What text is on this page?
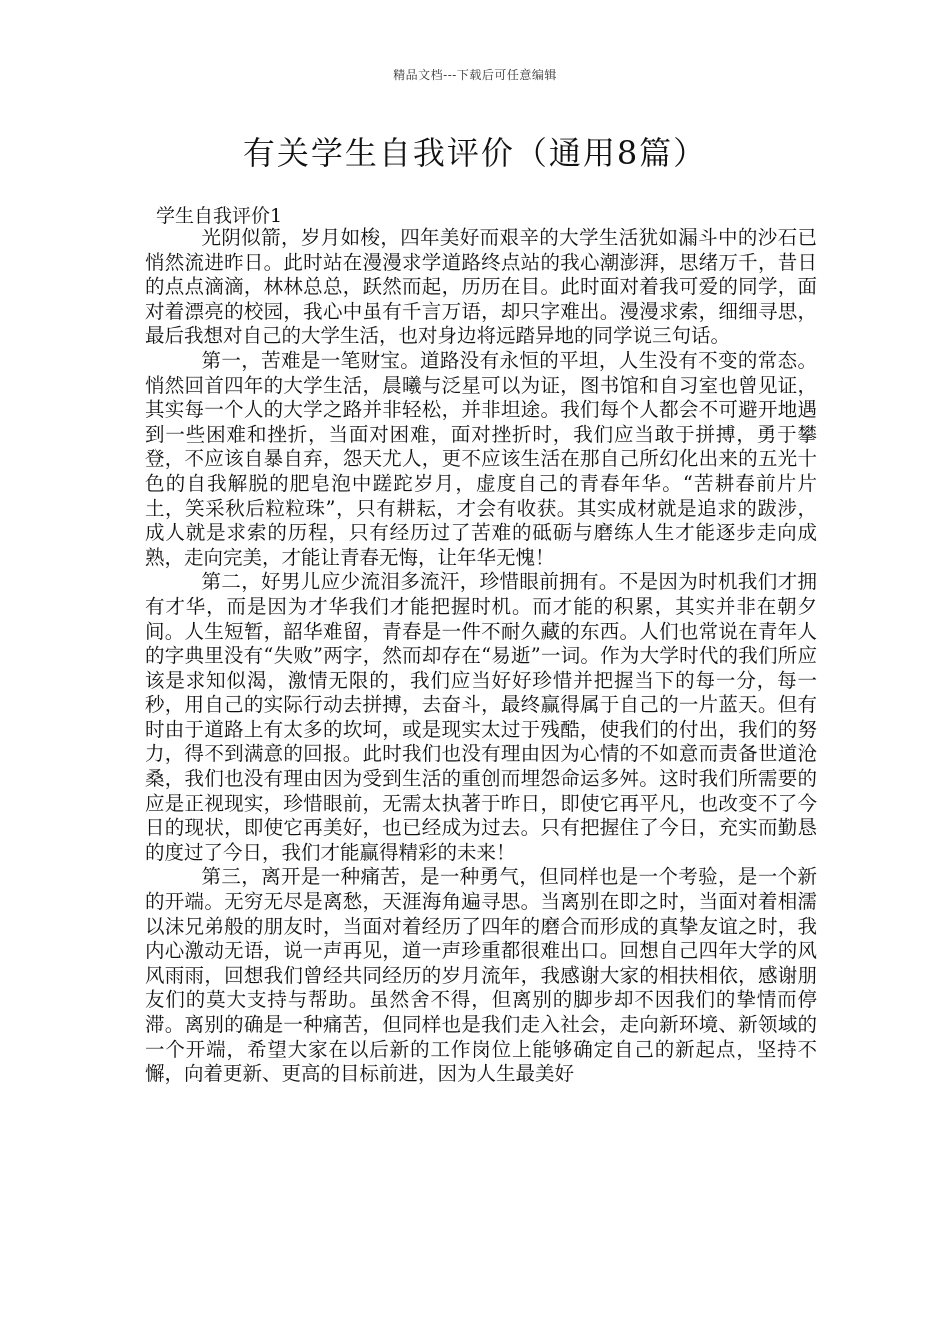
精品文档---下载后可任意编辑
有关学生自我评价（通用8篇）
学生自我评价1

光阴似箭，岁月如梭，四年美好而艰辛的大学生活犹如漏斗中的沙石已悄然流进昨日。此时站在漫漫求学道路终点站的我心潮澎湃，思绪万千，昔日的点点滴滴，林林总总，跃然而起，历历在目。此时面对着我可爱的同学，面对着漂亮的校园，我心中虽有千言万语，却只字难出。漫漫求索，细细寻思，最后我想对自己的大学生活，也对身边将远踏异地的同学说三句话。

第一，苦难是一笔财宝。道路没有永恒的平坦，人生没有不变的常态。悄然回首四年的大学生活，晨曦与泛星可以为证，图书馆和自习室也曾见证，其实每一个人的大学之路并非轻松，并非坦途。我们每个人都会不可避开地遇到一些困难和挫折，当面对困难，面对挫折时，我们应当敢于拼搏，勇于攀登，不应该自暴自弃，怨天尤人，更不应该生活在那自己所幻化出来的五光十色的自我解脱的肥皂泡中蹉跎岁月，虚度自己的青春年华。“苦耕春前片片土，笑采秋后粒粒珠”，只有耕耘，才会有收获。其实成材就是追求的跋涉，成人就是求索的历程，只有经历过了苦难的砥砺与磨练人生才能逐步走向成熟，走向完美，才能让青春无悔，让年华无愧！

第二，好男儿应少流泪多流汗，珍惜眼前拥有。不是因为时机我们才拥有才华，而是因为才华我们才能把握时机。而才能的积累，其实并非在朝夕间。人生短暂，韶华难留，青春是一件不耐久藏的东西。人们也常说在青年人的字典里没有“失败”两字，然而却存在“易逝”一词。作为大学时代的我们所应该是求知似渴，激情无限的，我们应当好好珍惜并把握当下的每一分，每一秒，用自己的实际行动去拼搏，去奋斗，最终赢得属于自己的一片蓝天。但有时由于道路上有太多的坎坷，或是现实太过于残酷，使我们的付出，我们的努力，得不到满意的回报。此时我们也没有理由因为心情的不如意而责备世道沧桑，我们也没有理由因为受到生活的重创而埋怨命运多舛。这时我们所需要的应是正视现实，珍惜眼前，无需太执著于昨日，即使它再平凡，也改变不了今日的现状，即使它再美好，也已经成为过去。只有把握住了今日，充实而勤恳的度过了今日，我们才能赢得精彩的未来！

第三，离开是一种痛苦，是一种勇气，但同样也是一个考验，是一个新的开端。无穷无尽是离愁，天涯海角遍寻思。当离别在即之时，当面对着相濡以沫兄弟般的朋友时，当面对着经历了四年的磨合而形成的真挚友谊之时，我内心激动无语，说一声再见，道一声珍重都很难出口。回想自己四年大学的风风雨雨，回想我们曾经共同经历的岁月流年，我感谢大家的相扶相依，感谢朋友们的莫大支持与帮助。虽然舍不得，但离别的脚步却不因我们的挚情而停滞。离别的确是一种痛苦，但同样也是我们走入社会，走向新环境、新领域的一个开端，希望大家在以后新的工作岗位上能够确定自己的新起点，坚持不懈，向着更新、更高的目标前进，因为人生最美好
